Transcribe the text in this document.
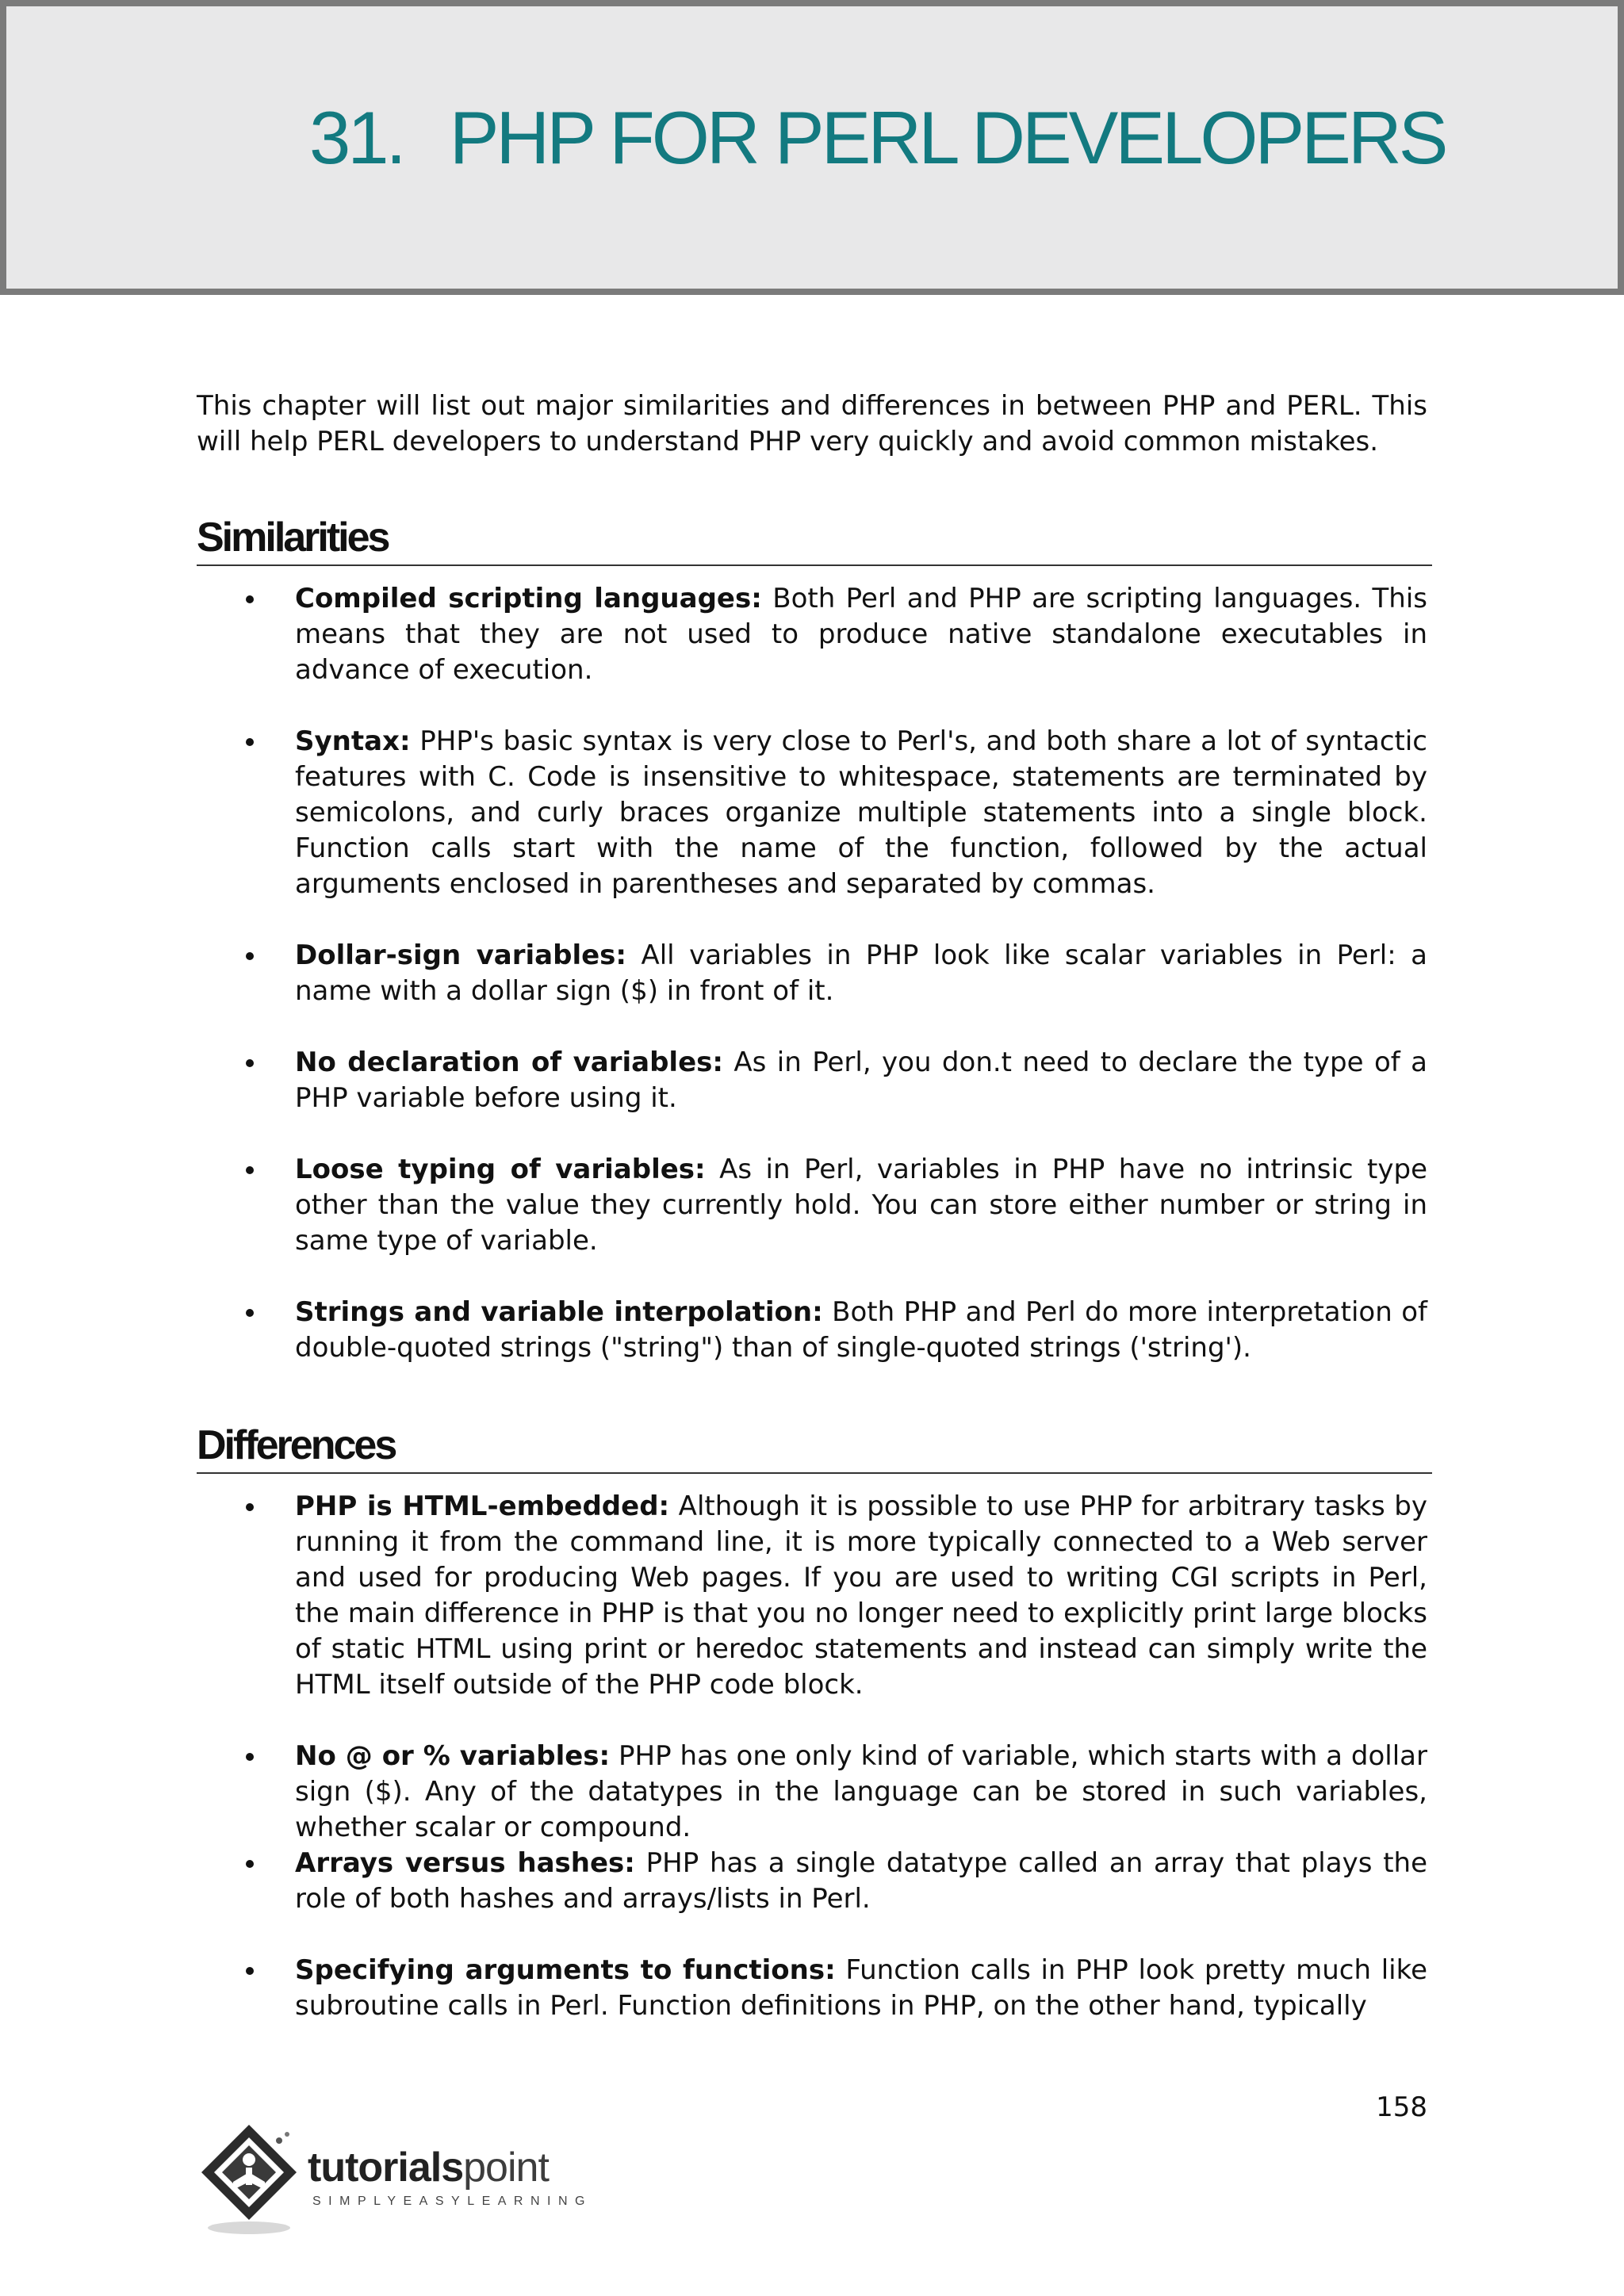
31. PHP FOR PERL DEVELOPERS

This chapter will list out major similarities and differences in between PHP and PERL. This will help PERL developers to understand PHP very quickly and avoid common mistakes.

Similarities
Compiled scripting languages: Both Perl and PHP are scripting languages. This means that they are not used to produce native standalone executables in advance of execution.
Syntax: PHP's basic syntax is very close to Perl's, and both share a lot of syntactic features with C. Code is insensitive to whitespace, statements are terminated by semicolons, and curly braces organize multiple statements into a single block. Function calls start with the name of the function, followed by the actual arguments enclosed in parentheses and separated by commas.
Dollar-sign variables: All variables in PHP look like scalar variables in Perl: a name with a dollar sign ($) in front of it.
No declaration of variables: As in Perl, you don.t need to declare the type of a PHP variable before using it.
Loose typing of variables: As in Perl, variables in PHP have no intrinsic type other than the value they currently hold. You can store either number or string in same type of variable.
Strings and variable interpolation: Both PHP and Perl do more interpretation of double-quoted strings ("string") than of single-quoted strings ('string').
Differences
PHP is HTML-embedded: Although it is possible to use PHP for arbitrary tasks by running it from the command line, it is more typically connected to a Web server and used for producing Web pages. If you are used to writing CGI scripts in Perl, the main difference in PHP is that you no longer need to explicitly print large blocks of static HTML using print or heredoc statements and instead can simply write the HTML itself outside of the PHP code block.
No @ or % variables: PHP has one only kind of variable, which starts with a dollar sign ($). Any of the datatypes in the language can be stored in such variables, whether scalar or compound.
Arrays versus hashes: PHP has a single datatype called an array that plays the role of both hashes and arrays/lists in Perl.
Specifying arguments to functions: Function calls in PHP look pretty much like subroutine calls in Perl. Function definitions in PHP, on the other hand, typically
158
tutorialspoint
SIMPLYEASYLEARNING
